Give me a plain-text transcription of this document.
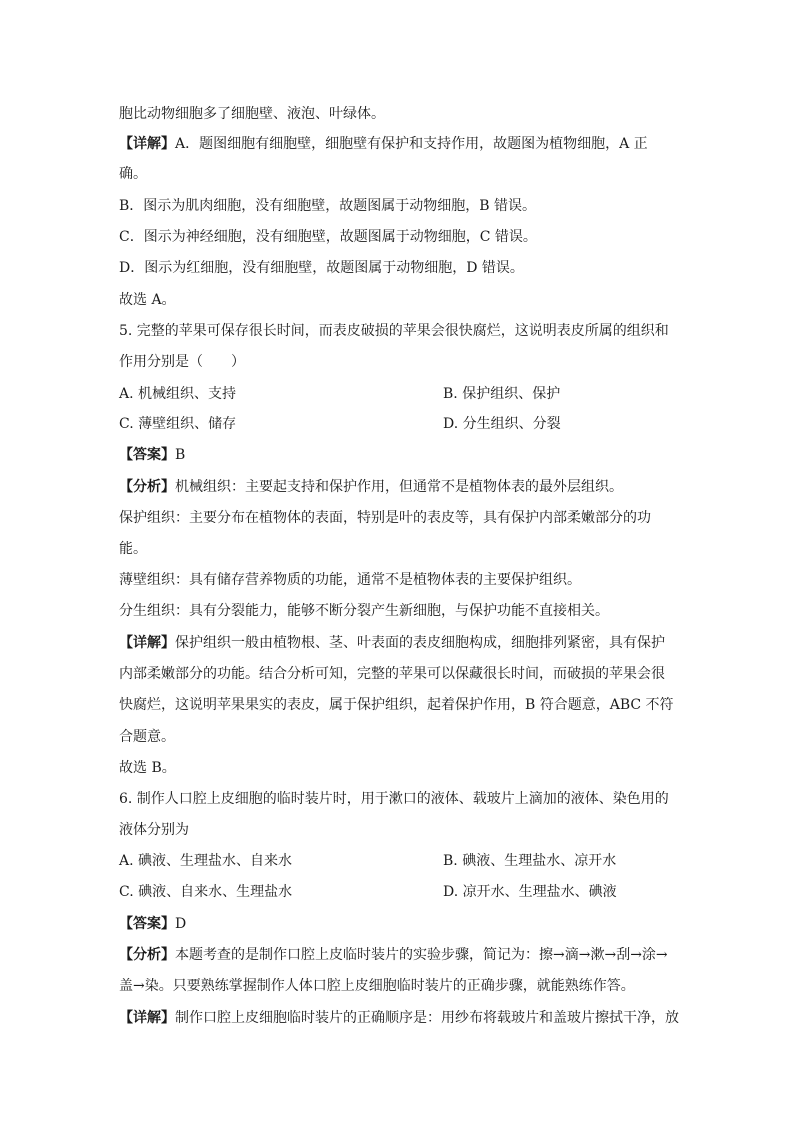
胞比动物细胞多了细胞壁、液泡、叶绿体。
【详解】A．题图细胞有细胞壁，细胞壁有保护和支持作用，故题图为植物细胞，A 正
确。
B．图示为肌肉细胞，没有细胞壁，故题图属于动物细胞，B 错误。
C．图示为神经细胞，没有细胞壁，故题图属于动物细胞，C 错误。
D．图示为红细胞，没有细胞壁，故题图属于动物细胞，D 错误。
故选 A。
5. 完整的苹果可保存很长时间，而表皮破损的苹果会很快腐烂，这说明表皮所属的组织和
作用分别是（　　）
A. 机械组织、支持	B. 保护组织、保护
C. 薄壁组织、储存	D. 分生组织、分裂
【答案】B
【分析】机械组织：主要起支持和保护作用，但通常不是植物体表的最外层组织。
保护组织：主要分布在植物体的表面，特别是叶的表皮等，具有保护内部柔嫩部分的功
能。
薄壁组织：具有储存营养物质的功能，通常不是植物体表的主要保护组织。
分生组织：具有分裂能力，能够不断分裂产生新细胞，与保护功能不直接相关。
【详解】保护组织一般由植物根、茎、叶表面的表皮细胞构成，细胞排列紧密，具有保护
内部柔嫩部分的功能。结合分析可知，完整的苹果可以保藏很长时间，而破损的苹果会很
快腐烂，这说明苹果果实的表皮，属于保护组织，起着保护作用，B 符合题意，ABC 不符
合题意。
故选 B。
6. 制作人口腔上皮细胞的临时装片时，用于漱口的液体、载玻片上滴加的液体、染色用的
液体分别为
A. 碘液、生理盐水、自来水	B. 碘液、生理盐水、凉开水
C. 碘液、自来水、生理盐水	D. 凉开水、生理盐水、碘液
【答案】D
【分析】本题考查的是制作口腔上皮临时装片的实验步骤，简记为：擦→滴→漱→刮→涂→
盖→染。只要熟练掌握制作人体口腔上皮细胞临时装片的正确步骤，就能熟练作答。
【详解】制作口腔上皮细胞临时装片的正确顺序是：用纱布将载玻片和盖玻片擦拭干净，放
